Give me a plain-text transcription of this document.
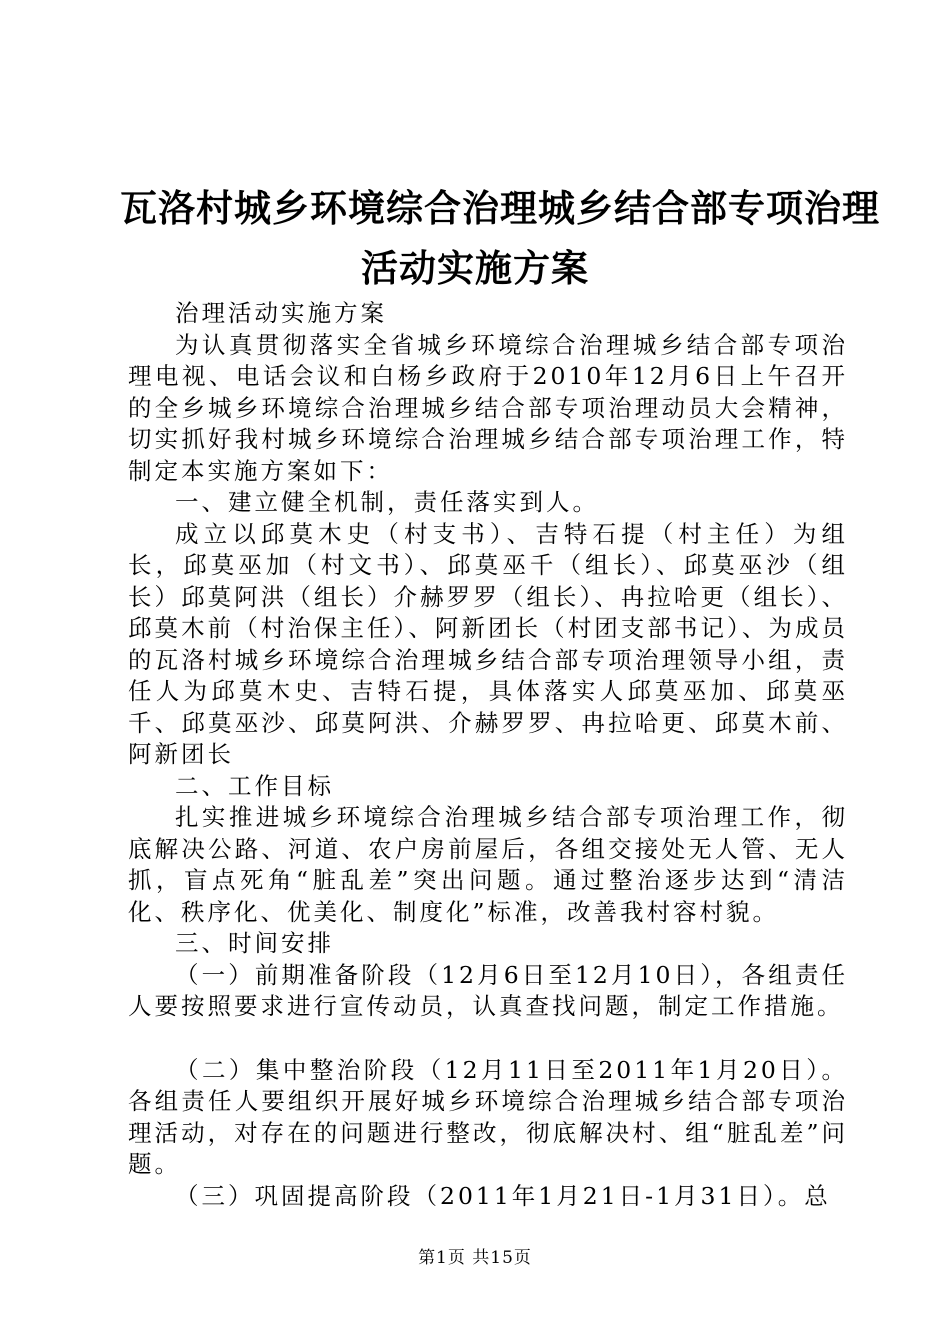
瓦洛村城乡环境综合治理城乡结合部专项治理
活动实施方案

治理活动实施方案

为认真贯彻落实全省城乡环境综合治理城乡结合部专项治理电视、电话会议和白杨乡政府于2010年12月6日上午召开的全乡城乡环境综合治理城乡结合部专项治理动员大会精神，切实抓好我村城乡环境综合治理城乡结合部专项治理工作，特制定本实施方案如下：

一、建立健全机制，责任落实到人。

成立以邱莫木史（村支书）、吉特石提（村主任）为组长，邱莫巫加（村文书）、邱莫巫千（组长）、邱莫巫沙（组长）邱莫阿洪（组长）介赫罗罗（组长）、冉拉哈更（组长）、邱莫木前（村治保主任）、阿新团长（村团支部书记）、为成员的瓦洛村城乡环境综合治理城乡结合部专项治理领导小组，责任人为邱莫木史、吉特石提，具体落实人邱莫巫加、邱莫巫千、邱莫巫沙、邱莫阿洪、介赫罗罗、冉拉哈更、邱莫木前、阿新团长

二、工作目标

扎实推进城乡环境综合治理城乡结合部专项治理工作，彻底解决公路、河道、农户房前屋后，各组交接处无人管、无人抓，盲点死角“脏乱差”突出问题。通过整治逐步达到“清洁化、秩序化、优美化、制度化”标准，改善我村容村貌。

三、时间安排

（一）前期准备阶段（12月6日至12月10日），各组责任人要按照要求进行宣传动员，认真查找问题，制定工作措施。

（二）集中整治阶段（12月11日至2011年1月20日）。各组责任人要组织开展好城乡环境综合治理城乡结合部专项治理活动，对存在的问题进行整改，彻底解决村、组“脏乱差”问题。

（三）巩固提高阶段（2011年1月21日-1月31日）。总

第1页 共15页
